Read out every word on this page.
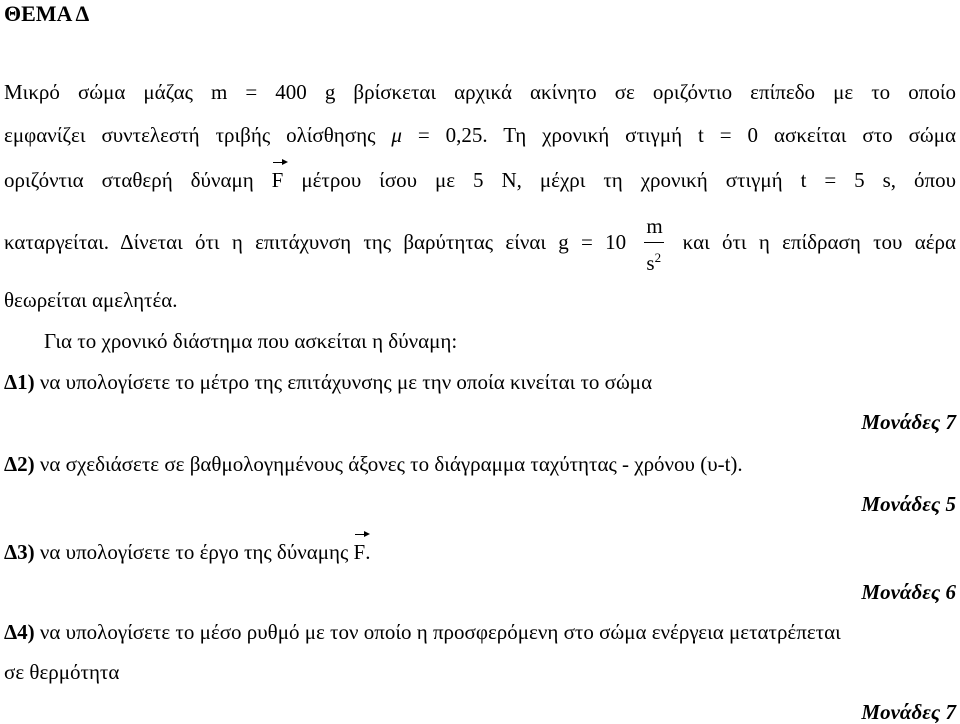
ΘΕΜΑ Δ
Μικρό σώμα μάζας m = 400 g βρίσκεται αρχικά ακίνητο σε οριζόντιο επίπεδο με το οποίο
εμφανίζει συντελεστή τριβής ολίσθησης μ = 0,25. Τη χρονική στιγμή t = 0 ασκείται στο σώμα
οριζόντια σταθερή δύναμη F μέτρου ίσου με 5 N, μέχρι τη χρονική στιγμή t = 5 s, όπου
καταργείται. Δίνεται ότι η επιτάχυνση της βαρύτητας είναι $g = 10 \frac{m}{s^2}$ και ότι η επίδραση του αέρα
θεωρείται αμελητέα.
Για το χρονικό διάστημα που ασκείται η δύναμη:
Δ1) να υπολογίσετε το μέτρο της επιτάχυνσης με την οποία κινείται το σώμα
Μονάδες 7
Δ2) να σχεδιάσετε σε βαθμολογημένους άξονες το διάγραμμα ταχύτητας - χρόνου (υ-t).
Μονάδες 5
Δ3) να υπολογίσετε το έργο της δύναμης F.
Μονάδες 6
Δ4) να υπολογίσετε το μέσο ρυθμό με τον οποίο η προσφερόμενη στο σώμα ενέργεια μετατρέπεται
σε θερμότητα
Μονάδες 7
